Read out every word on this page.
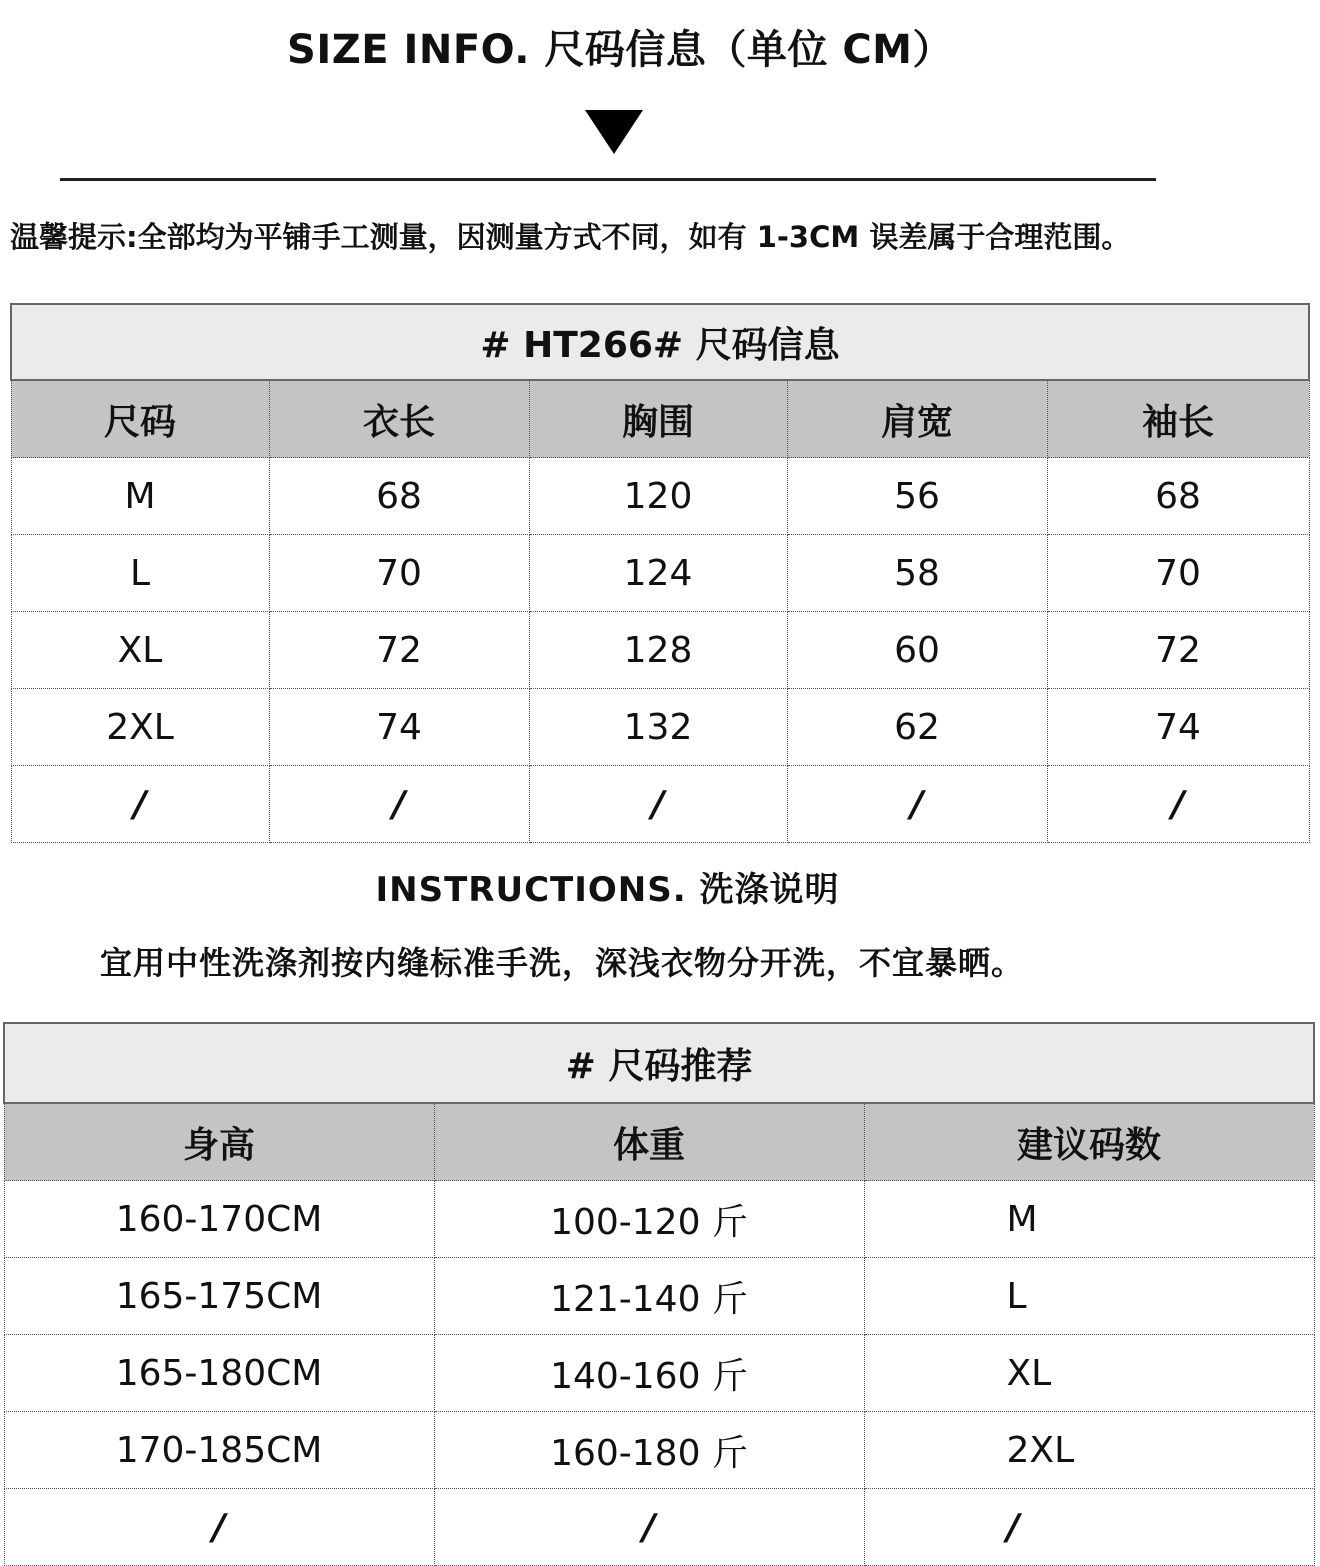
SIZE INFO. 尺码信息（单位 CM）
温馨提示:全部均为平铺手工测量，因测量方式不同，如有 1-3CM 误差属于合理范围。
# HT266# 尺码信息				
尺码	衣长	胸围	肩宽	袖长
M	68	120	56	68
L	70	124	58	70
XL	72	128	60	72
2XL	74	132	62	74
/	/	/	/	/
INSTRUCTIONS. 洗涤说明
宜用中性洗涤剂按内缝标准手洗，深浅衣物分开洗，不宜暴晒。
# 尺码推荐		
身高	体重	建议码数
160-170CM	100-120 斤	M
165-175CM	121-140 斤	L
165-180CM	140-160 斤	XL
170-185CM	160-180 斤	2XL
/	/	/
